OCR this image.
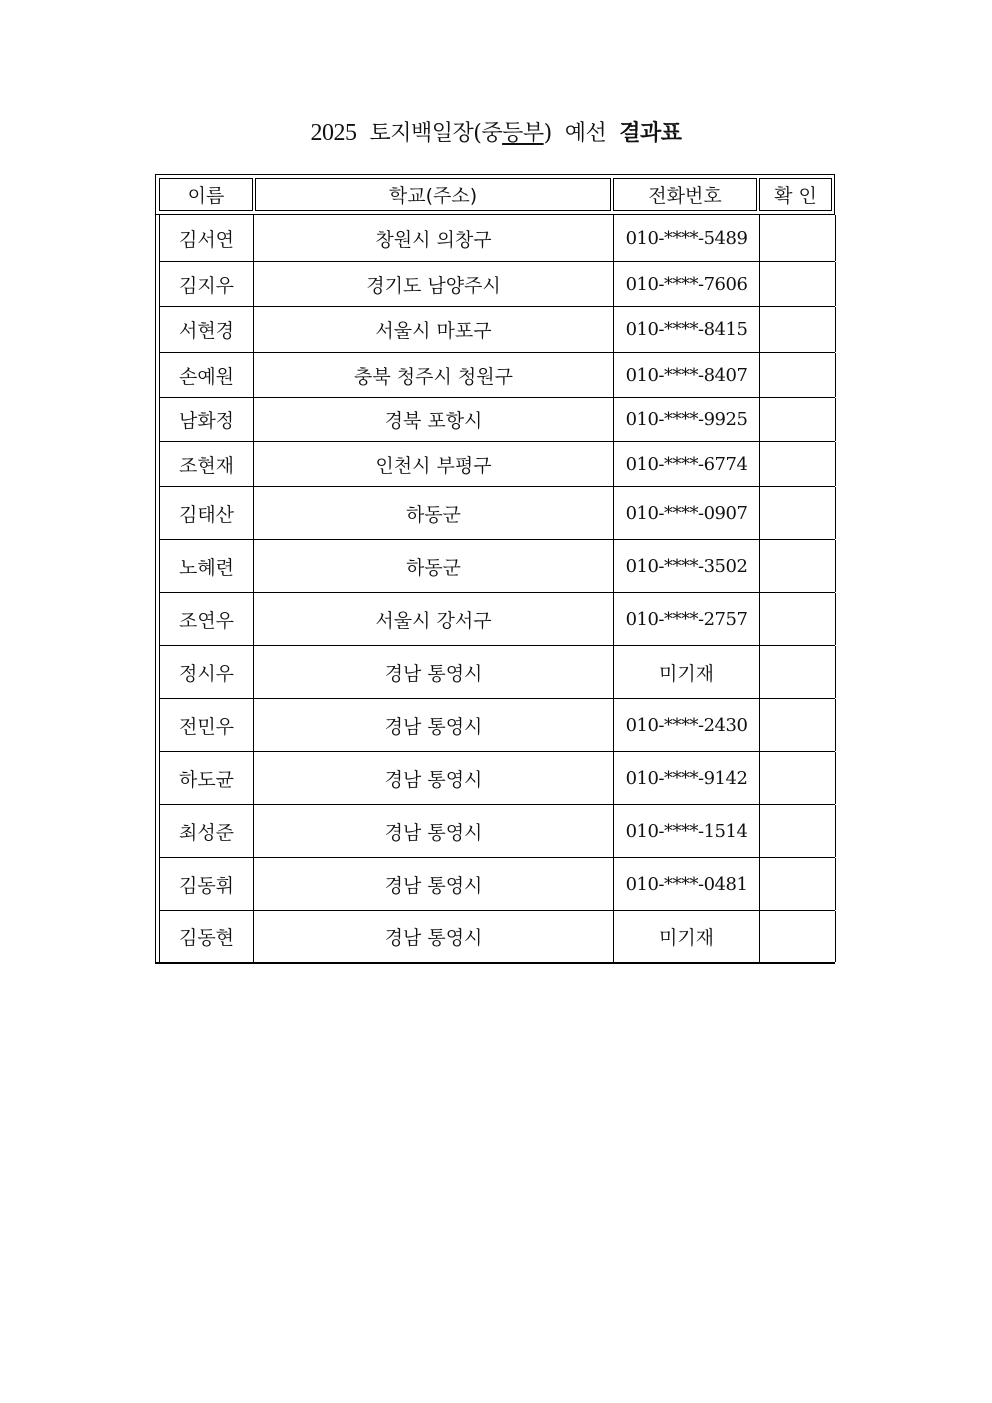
2025 토지백일장(중등부) 예선 결과표
이름	학교(주소)	전화번호	확 인
김서연	창원시 의창구	010-****-5489
김지우	경기도 남양주시	010-****-7606
서현경	서울시 마포구	010-****-8415
손예원	충북 청주시 청원구	010-****-8407
남화정	경북 포항시	010-****-9925
조현재	인천시 부평구	010-****-6774
김태산	하동군	010-****-0907
노혜련	하동군	010-****-3502
조연우	서울시 강서구	010-****-2757
정시우	경남 통영시	미기재
전민우	경남 통영시	010-****-2430
하도균	경남 통영시	010-****-9142
최성준	경남 통영시	010-****-1514
김동휘	경남 통영시	010-****-0481
김동현	경남 통영시	미기재
